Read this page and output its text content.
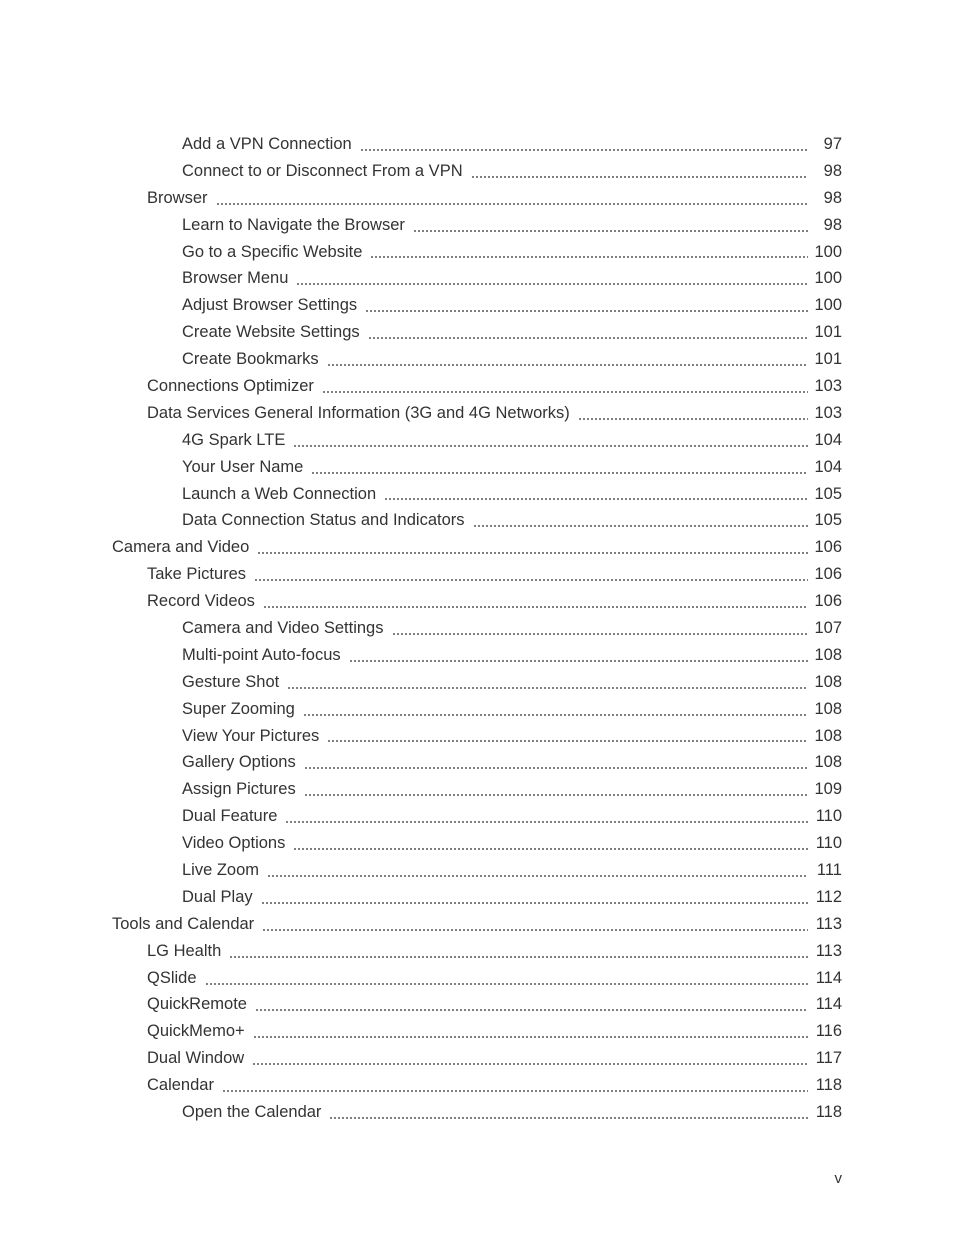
Add a VPN Connection	97
Connect to or Disconnect From a VPN	98
Browser	98
Learn to Navigate the Browser	98
Go to a Specific Website	100
Browser Menu	100
Adjust Browser Settings	100
Create Website Settings	101
Create Bookmarks	101
Connections Optimizer	103
Data Services General Information (3G and 4G Networks)	103
4G Spark LTE	104
Your User Name	104
Launch a Web Connection	105
Data Connection Status and Indicators	105
Camera and Video	106
Take Pictures	106
Record Videos	106
Camera and Video Settings	107
Multi-point Auto-focus	108
Gesture Shot	108
Super Zooming	108
View Your Pictures	108
Gallery Options	108
Assign Pictures	109
Dual Feature	110
Video Options	110
Live Zoom	111
Dual Play	112
Tools and Calendar	113
LG Health	113
QSlide	114
QuickRemote	114
QuickMemo+	116
Dual Window	117
Calendar	118
Open the Calendar	118
v
